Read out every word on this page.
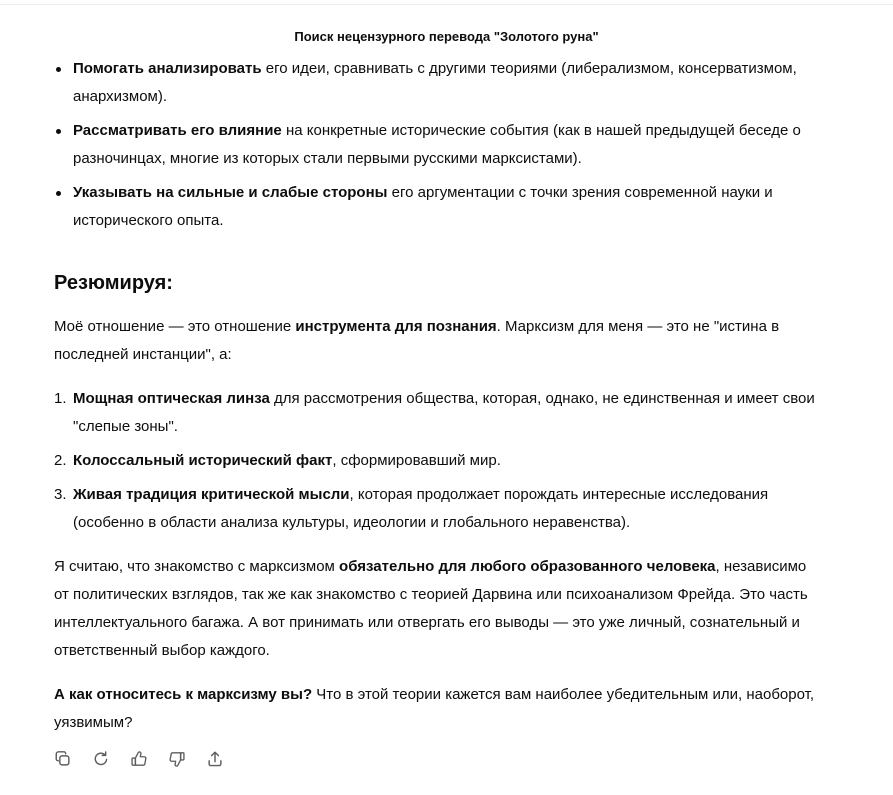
Помогать анализировать его идеи, сравнивать с другими теориями (либерализмом, консерватизмом, анархизмом).
Рассматривать его влияние на конкретные исторические события (как в нашей предыдущей беседе о разночинцах, многие из которых стали первыми русскими марксистами).
Указывать на сильные и слабые стороны его аргументации с точки зрения современной науки и исторического опыта.
Резюмируя:

Моё отношение — это отношение инструмента для познания. Марксизм для меня — это не "истина в последней инстанции", а:

1. Мощная оптическая линза для рассмотрения общества, которая, однако, не единственная и имеет свои "слепые зоны".
2. Колоссальный исторический факт, сформировавший мир.
3. Живая традиция критической мысли, которая продолжает порождать интересные исследования (особенно в области анализа культуры, идеологии и глобального неравенства).

Я считаю, что знакомство с марксизмом обязательно для любого образованного человека, независимо от политических взглядов, так же как знакомство с теорией Дарвина или психоанализом Фрейда. Это часть интеллектуального багажа. А вот принимать или отвергать его выводы — это уже личный, сознательный и ответственный выбор каждого.

А как относитесь к марксизму вы? Что в этой теории кажется вам наиболее убедительным или, наоборот, уязвимым?

Поиск нецензурного перевода "Золотого руна"
